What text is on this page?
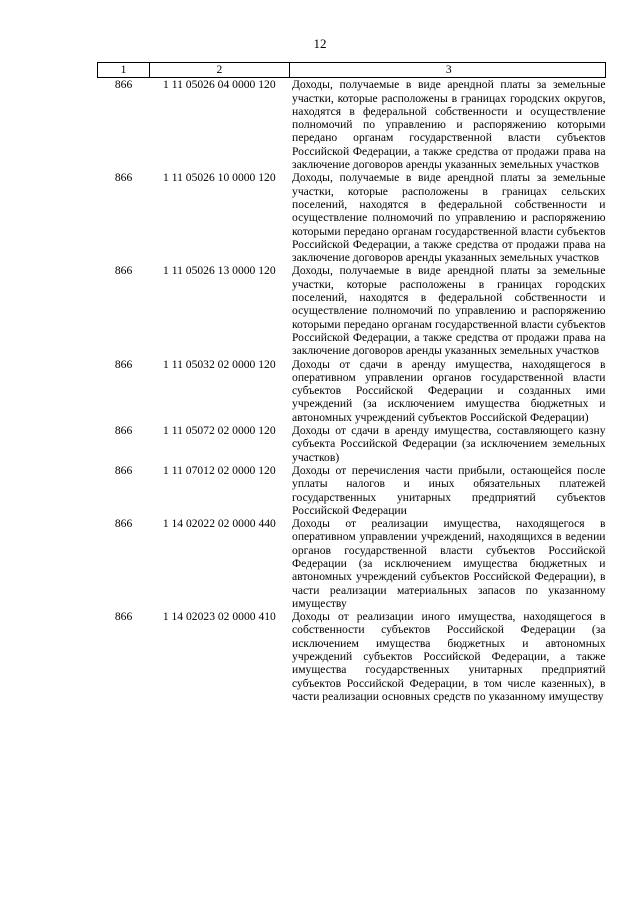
12
1	2	3
866	1 11 05026 04 0000 120	Доходы, получаемые в виде арендной платы за земельные участки, которые расположены в границах городских округов, находятся в федеральной собственности и осуществление полномочий по управлению и распоряжению которыми передано органам государственной власти субъектов Российской Федерации, а также средства от продажи права на заключение договоров аренды указанных земельных участков
866	1 11 05026 10 0000 120	Доходы, получаемые в виде арендной платы за земельные участки, которые расположены в границах сельских поселений, находятся в федеральной собственности и осуществление полномочий по управлению и распоряжению которыми передано органам государственной власти субъектов Российской Федерации, а также средства от продажи права на заключение договоров аренды указанных земельных участков
866	1 11 05026 13 0000 120	Доходы, получаемые в виде арендной платы за земельные участки, которые расположены в границах городских поселений, находятся в федеральной собственности и осуществление полномочий по управлению и распоряжению которыми передано органам государственной власти субъектов Российской Федерации, а также средства от продажи права на заключение договоров аренды указанных земельных участков
866	1 11 05032 02 0000 120	Доходы от сдачи в аренду имущества, находящегося в оперативном управлении органов государственной власти субъектов Российской Федерации и созданных ими учреждений (за исключением имущества бюджетных и автономных учреждений субъектов Российской Федерации)
866	1 11 05072 02 0000 120	Доходы от сдачи в аренду имущества, составляющего казну субъекта Российской Федерации (за исключением земельных участков)
866	1 11 07012 02 0000 120	Доходы от перечисления части прибыли, остающейся после уплаты налогов и иных обязательных платежей государственных унитарных предприятий субъектов Российской Федерации
866	1 14 02022 02 0000 440	Доходы от реализации имущества, находящегося в оперативном управлении учреждений, находящихся в ведении органов государственной власти субъектов Российской Федерации (за исключением имущества бюджетных и автономных учреждений субъектов Российской Федерации), в части реализации материальных запасов по указанному имуществу
866	1 14 02023 02 0000 410	Доходы от реализации иного имущества, находящегося в собственности субъектов Российской Федерации (за исключением имущества бюджетных и автономных учреждений субъектов Российской Федерации, а также имущества государственных унитарных предприятий субъектов Российской Федерации, в том числе казенных), в части реализации основных средств по указанному имуществу
